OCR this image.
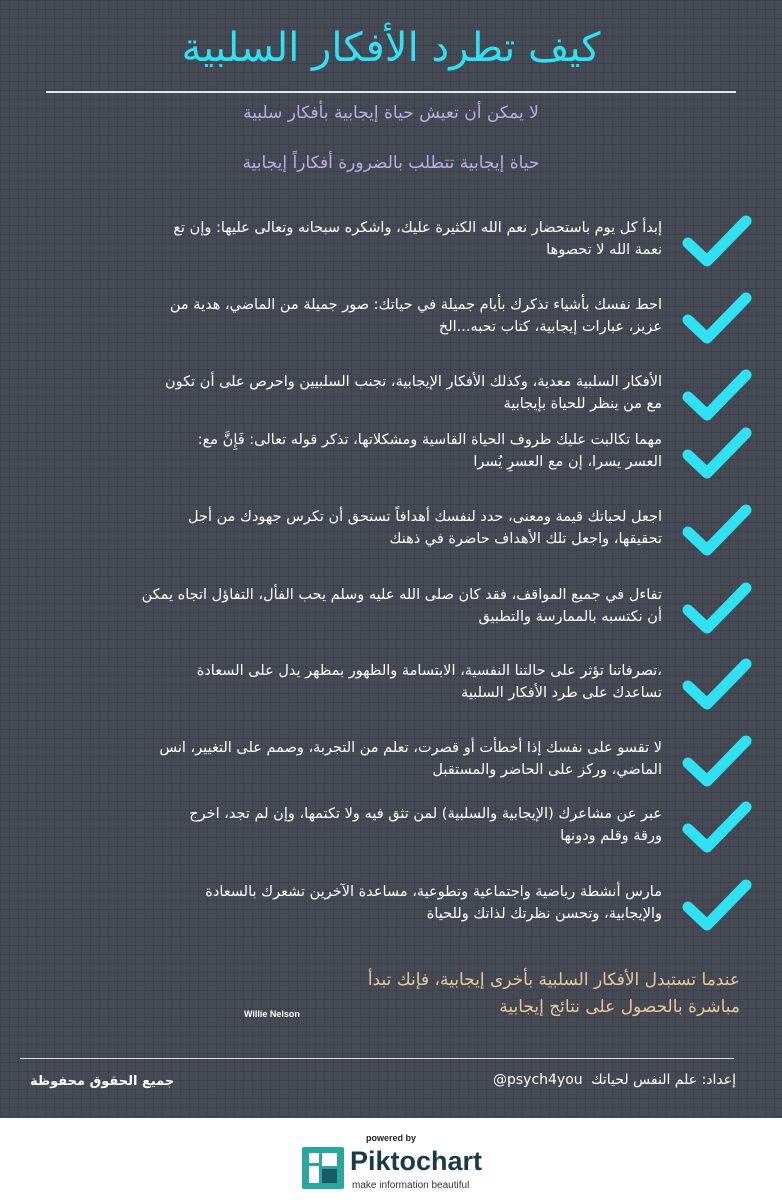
كيف تطرد الأفكار السلبية
لا يمكن أن تعيش حياة إيجابية بأفكار سلبية
حياة إيجابية تتطلب بالضرورة أفكاراً إيجابية
إبدأ كل يوم باستحضار نعم الله الكثيرة عليك، واشكره سبحانه وتعالى عليها: وإن تع
نعمة الله لا تحصوها
احط نفسك بأشياء تذكرك بأيام جميلة في حياتك: صور جميلة من الماضي، هدية من
عزيز، عبارات إيجابية، كتاب تحبه...الخ
الأفكار السلبية معدية، وكذلك الأفكار الإيجابية، تجنب السلبيين واحرص على أن تكون
مع من ينظر للحياة بإيجابية
مهما تكالبت عليك ظروف الحياة القاسية ومشكلاتها، تذكر قوله تعالى: فَإِنَّ مع:
العسر يسرا، إن مع العسرِ يُسرا
اجعل لحياتك قيمة ومعنى، حدد لنفسك أهدافاً تستحق أن تكرس جهودك من أجل
تحقيقها، واجعل تلك الأهداف حاضرة في ذهنك
تفاءل في جميع المواقف، فقد كان صلى الله عليه وسلم يحب الفأل، التفاؤل اتجاه يمكن
أن نكتسبه بالممارسة والتطبيق
،تصرفاتنا تؤثر على حالتنا النفسية، الابتسامة والظهور بمظهر يدل على السعادة
تساعدك على طرد الأفكار السلبية
لا تقسو على نفسك إذا أخطأت أو قصرت، تعلم من التجربة، وصمم على التغيير، انس
الماضي، وركز على الحاضر والمستقبل
عبر عن مشاعرك (الإيجابية والسلبية) لمن تثق فيه ولا تكتمها، وإن لم تجد، اخرج
ورقة وقلم ودونها
مارس أنشطة رياضية واجتماعية وتطوعية، مساعدة الآخرين تشعرك بالسعادة
والإيجابية، وتحسن نظرتك لذاتك وللحياة
عندما تستبدل الأفكار السلبية بأخرى إيجابية، فإنك تبدأ
مباشرة بالحصول على نتائج إيجابية
Willie Nelson
إعداد: علم النفس لحياتك @psych4you
جميع الحقوق محفوظة
powered by
Piktochart
make information beautiful
